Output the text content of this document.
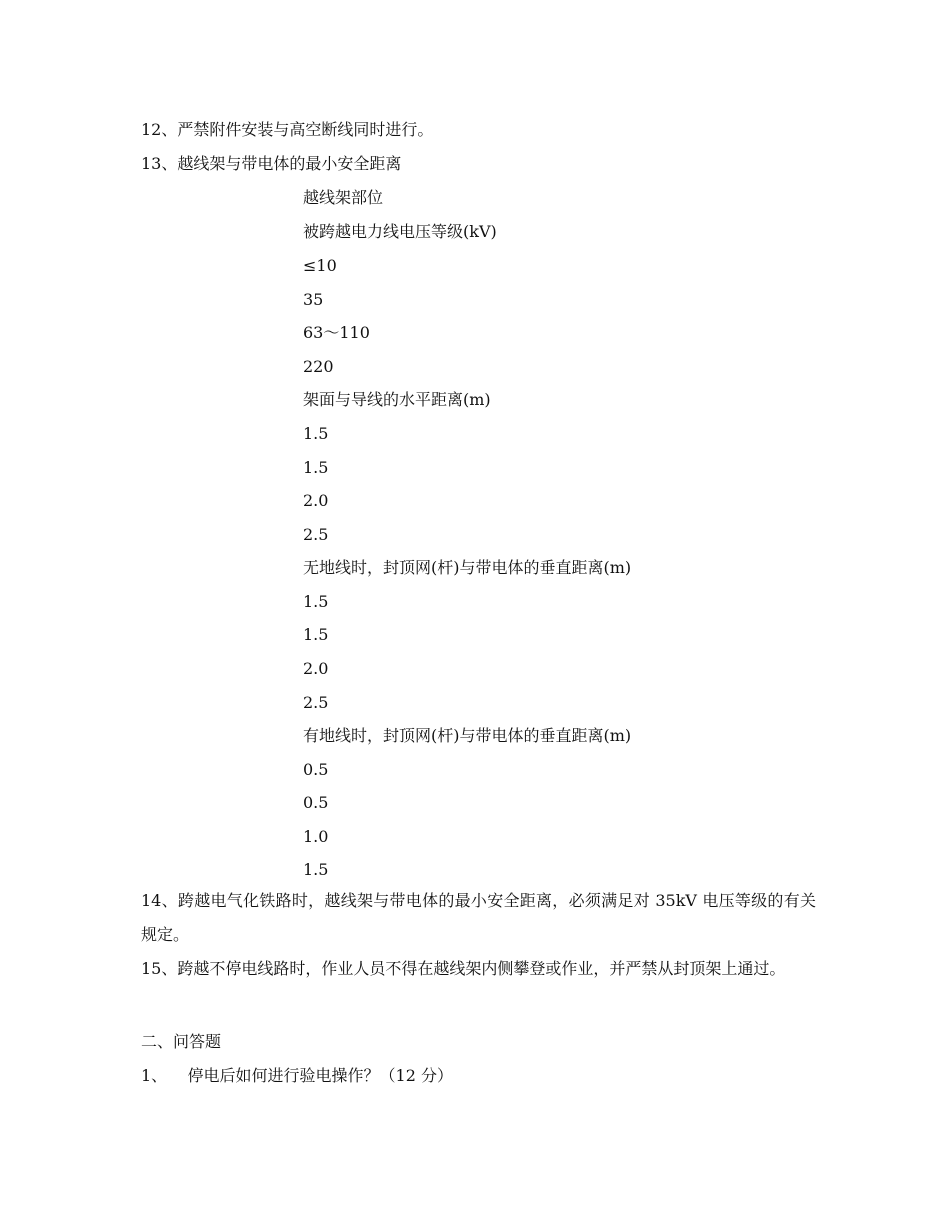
12、严禁附件安装与高空断线同时进行。
13、越线架与带电体的最小安全距离
越线架部位
被跨越电力线电压等级(kV)
≤10
35
63～110
220
架面与导线的水平距离(m)
1.5
1.5
2.0
2.5
无地线时，封顶网(杆)与带电体的垂直距离(m)
1.5
1.5
2.0
2.5
有地线时，封顶网(杆)与带电体的垂直距离(m)
0.5
0.5
1.0
1.5
14、跨越电气化铁路时，越线架与带电体的最小安全距离，必须满足对 35kV 电压等级的有关规定。
15、跨越不停电线路时，作业人员不得在越线架内侧攀登或作业，并严禁从封顶架上通过。
二、问答题
1、    停电后如何进行验电操作？（12 分）
